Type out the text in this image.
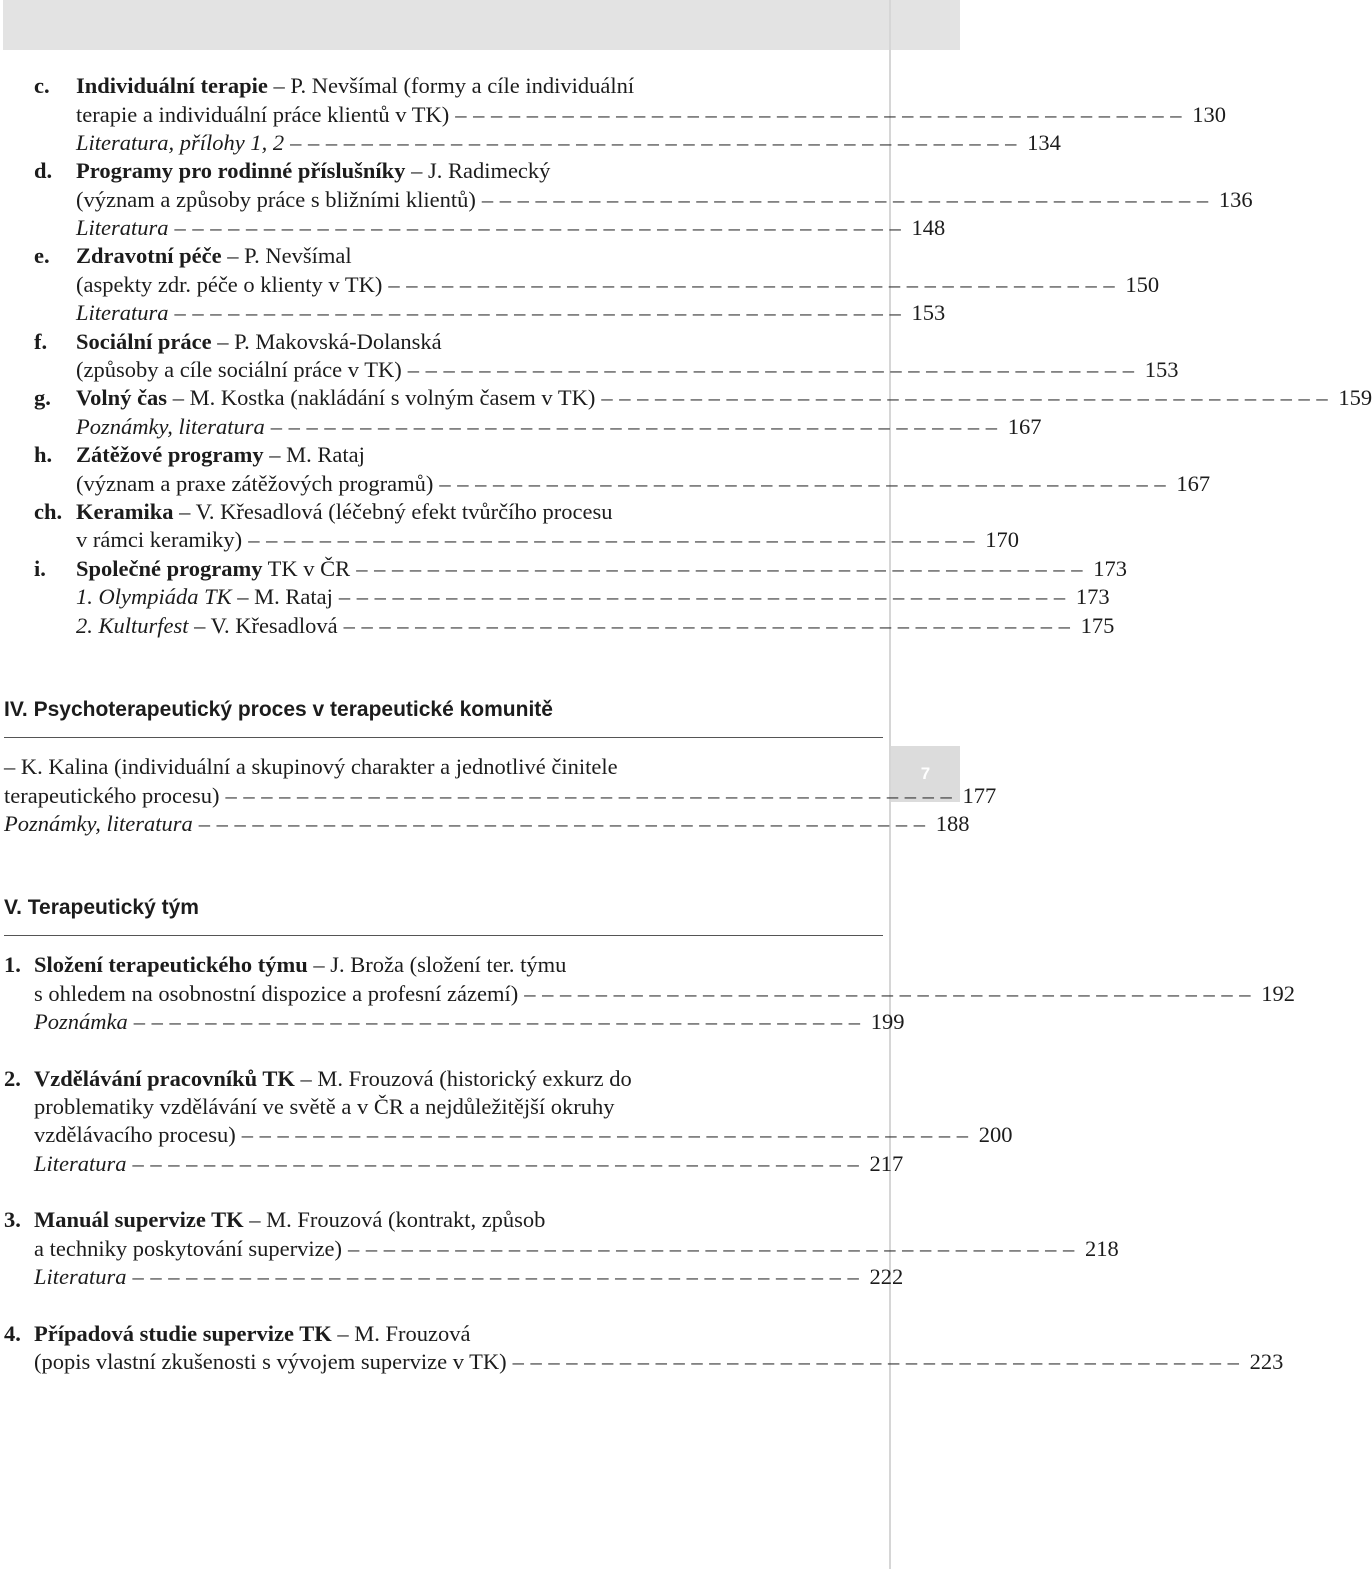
7
c. Individuální terapie – P. Nevšímal (formy a cíle individuální
terapie a individuální práce klientů v TK) – – – – – – – – – – – – – – – – – – – – – – – – – – – – – – – – – – – – – – – – – 130
Literatura, přílohy 1, 2 – – – – – – – – – – – – – – – – – – – – – – – – – – – – – – – – – – – – – – – – – 134
d. Programy pro rodinné příslušníky – J. Radimecký
(význam a způsoby práce s bližními klientů) – – – – – – – – – – – – – – – – – – – – – – – – – – – – – – – – – – – – – – – – – 136
Literatura – – – – – – – – – – – – – – – – – – – – – – – – – – – – – – – – – – – – – – – – – 148
e. Zdravotní péče – P. Nevšímal
(aspekty zdr. péče o klienty v TK) – – – – – – – – – – – – – – – – – – – – – – – – – – – – – – – – – – – – – – – – – 150
Literatura – – – – – – – – – – – – – – – – – – – – – – – – – – – – – – – – – – – – – – – – – 153
f. Sociální práce – P. Makovská-Dolanská
(způsoby a cíle sociální práce v TK) – – – – – – – – – – – – – – – – – – – – – – – – – – – – – – – – – – – – – – – – – 153
g. Volný čas – M. Kostka (nakládání s volným časem v TK) – – – – – – – – – – – – – – – – – – – – – – – – – – – – – – – – – – – – – – – – – 159
Poznámky, literatura – – – – – – – – – – – – – – – – – – – – – – – – – – – – – – – – – – – – – – – – – 167
h. Zátěžové programy – M. Rataj
(význam a praxe zátěžových programů) – – – – – – – – – – – – – – – – – – – – – – – – – – – – – – – – – – – – – – – – – 167
ch. Keramika – V. Křesadlová (léčebný efekt tvůrčího procesu
v rámci keramiky) – – – – – – – – – – – – – – – – – – – – – – – – – – – – – – – – – – – – – – – – – 170
i. Společné programy TK v ČR – – – – – – – – – – – – – – – – – – – – – – – – – – – – – – – – – – – – – – – – – 173
1. Olympiáda TK – M. Rataj – – – – – – – – – – – – – – – – – – – – – – – – – – – – – – – – – – – – – – – – – 173
2. Kulturfest – V. Křesadlová – – – – – – – – – – – – – – – – – – – – – – – – – – – – – – – – – – – – – – – – – 175
IV. Psychoterapeutický proces v terapeutické komunitě
– K. Kalina (individuální a skupinový charakter a jednotlivé činitele
terapeutického procesu) – – – – – – – – – – – – – – – – – – – – – – – – – – – – – – – – – – – – – – – – – 177
Poznámky, literatura – – – – – – – – – – – – – – – – – – – – – – – – – – – – – – – – – – – – – – – – – 188
V. Terapeutický tým
1. Složení terapeutického týmu – J. Broža (složení ter. týmu
s ohledem na osobnostní dispozice a profesní zázemí) – – – – – – – – – – – – – – – – – – – – – – – – – – – – – – – – – – – – – – – – – 192
Poznámka – – – – – – – – – – – – – – – – – – – – – – – – – – – – – – – – – – – – – – – – – 199
2. Vzdělávání pracovníků TK – M. Frouzová (historický exkurz do
problematiky vzdělávání ve světě a v ČR a nejdůležitější okruhy
vzdělávacího procesu) – – – – – – – – – – – – – – – – – – – – – – – – – – – – – – – – – – – – – – – – – 200
Literatura – – – – – – – – – – – – – – – – – – – – – – – – – – – – – – – – – – – – – – – – – 217
3. Manuál supervize TK – M. Frouzová (kontrakt, způsob
a techniky poskytování supervize) – – – – – – – – – – – – – – – – – – – – – – – – – – – – – – – – – – – – – – – – – 218
Literatura – – – – – – – – – – – – – – – – – – – – – – – – – – – – – – – – – – – – – – – – – 222
4. Případová studie supervize TK – M. Frouzová
(popis vlastní zkušenosti s vývojem supervize v TK) – – – – – – – – – – – – – – – – – – – – – – – – – – – – – – – – – – – – – – – – – 223
